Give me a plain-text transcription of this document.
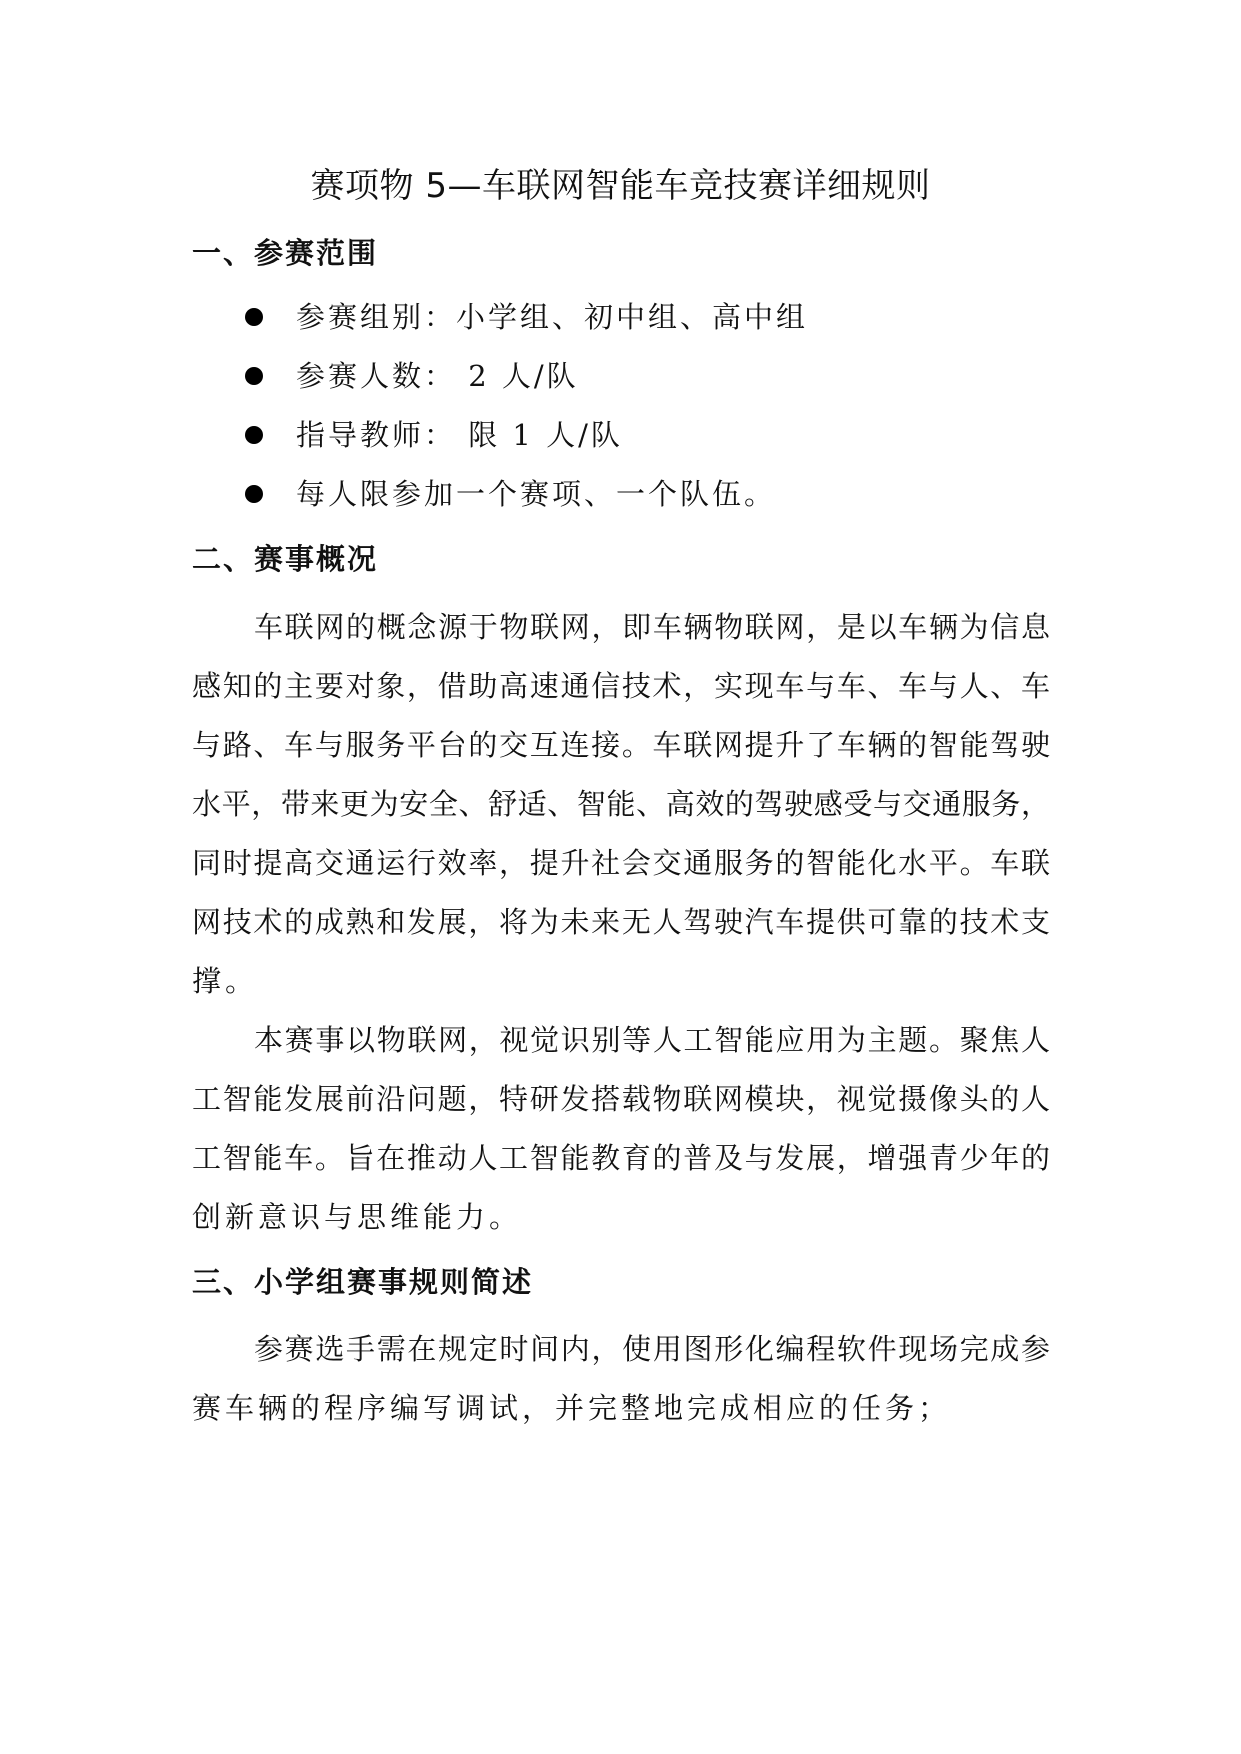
赛项物 5—车联网智能车竞技赛详细规则
一、参赛范围
参赛组别：小学组、初中组、高中组
参赛人数： 2 人/队
指导教师： 限 1 人/队
每人限参加一个赛项、一个队伍。
二、赛事概况
车联网的概念源于物联网，即车辆物联网，是以车辆为信息
感知的主要对象，借助高速通信技术，实现车与车、车与人、车
与路、车与服务平台的交互连接。车联网提升了车辆的智能驾驶
水平，带来更为安全、舒适、智能、高效的驾驶感受与交通服务，
同时提高交通运行效率，提升社会交通服务的智能化水平。车联
网技术的成熟和发展，将为未来无人驾驶汽车提供可靠的技术支
撑。
本赛事以物联网，视觉识别等人工智能应用为主题。聚焦人
工智能发展前沿问题，特研发搭载物联网模块，视觉摄像头的人
工智能车。旨在推动人工智能教育的普及与发展，增强青少年的
创新意识与思维能力。
三、小学组赛事规则简述
参赛选手需在规定时间内，使用图形化编程软件现场完成参
赛车辆的程序编写调试，并完整地完成相应的任务；
